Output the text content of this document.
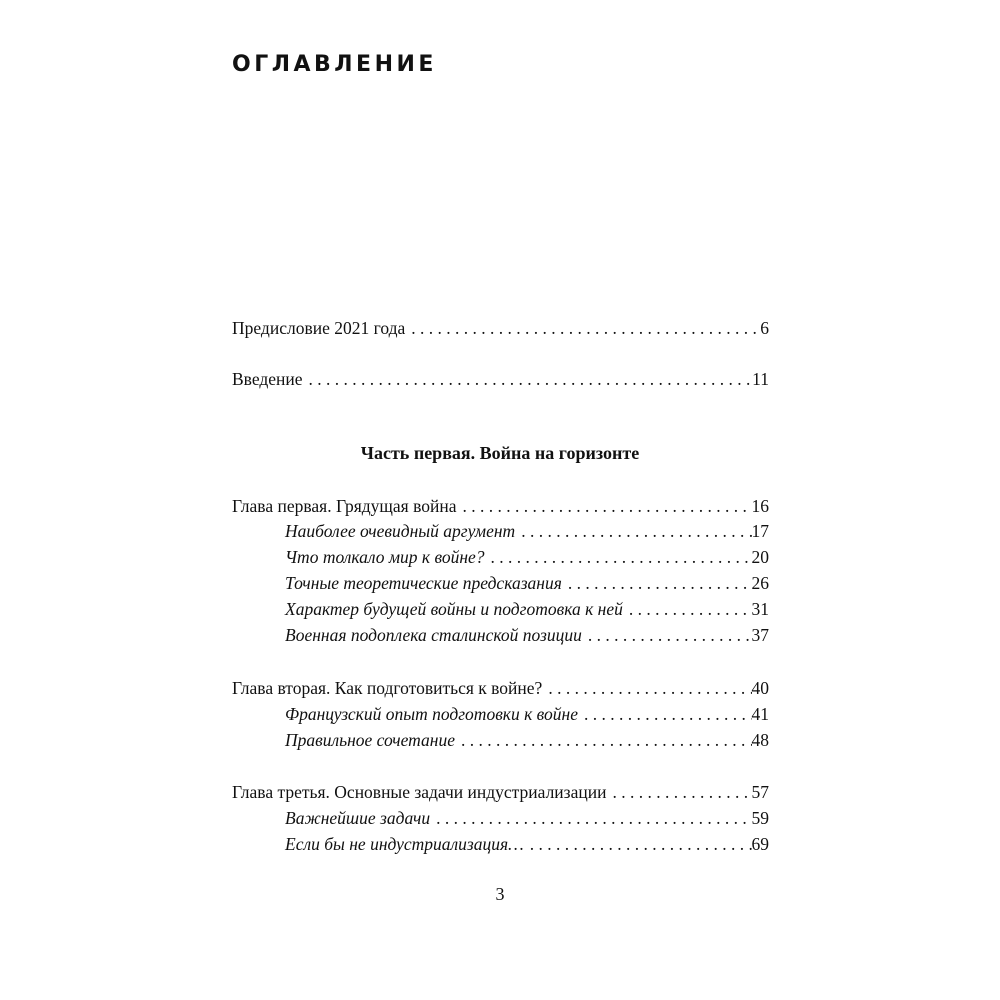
ОГЛАВЛЕНИЕ
Предисловие 2021 года . . .	6
Введение . . .	11
Часть первая. Война на горизонте
Глава первая. Грядущая война . . .	16
Наиболее очевидный аргумент . . .	17
Что толкало мир к войне? . . .	20
Точные теоретические предсказания . . .	26
Характер будущей войны и подготовка к ней . . .	31
Военная подоплека сталинской позиции . . .	37
Глава вторая. Как подготовиться к войне? . . .	40
Французский опыт подготовки к войне . . .	41
Правильное сочетание . . .	48
Глава третья. Основные задачи индустриализации . . .	57
Важнейшие задачи . . .	59
Если бы не индустриализация… . . .	69
3
